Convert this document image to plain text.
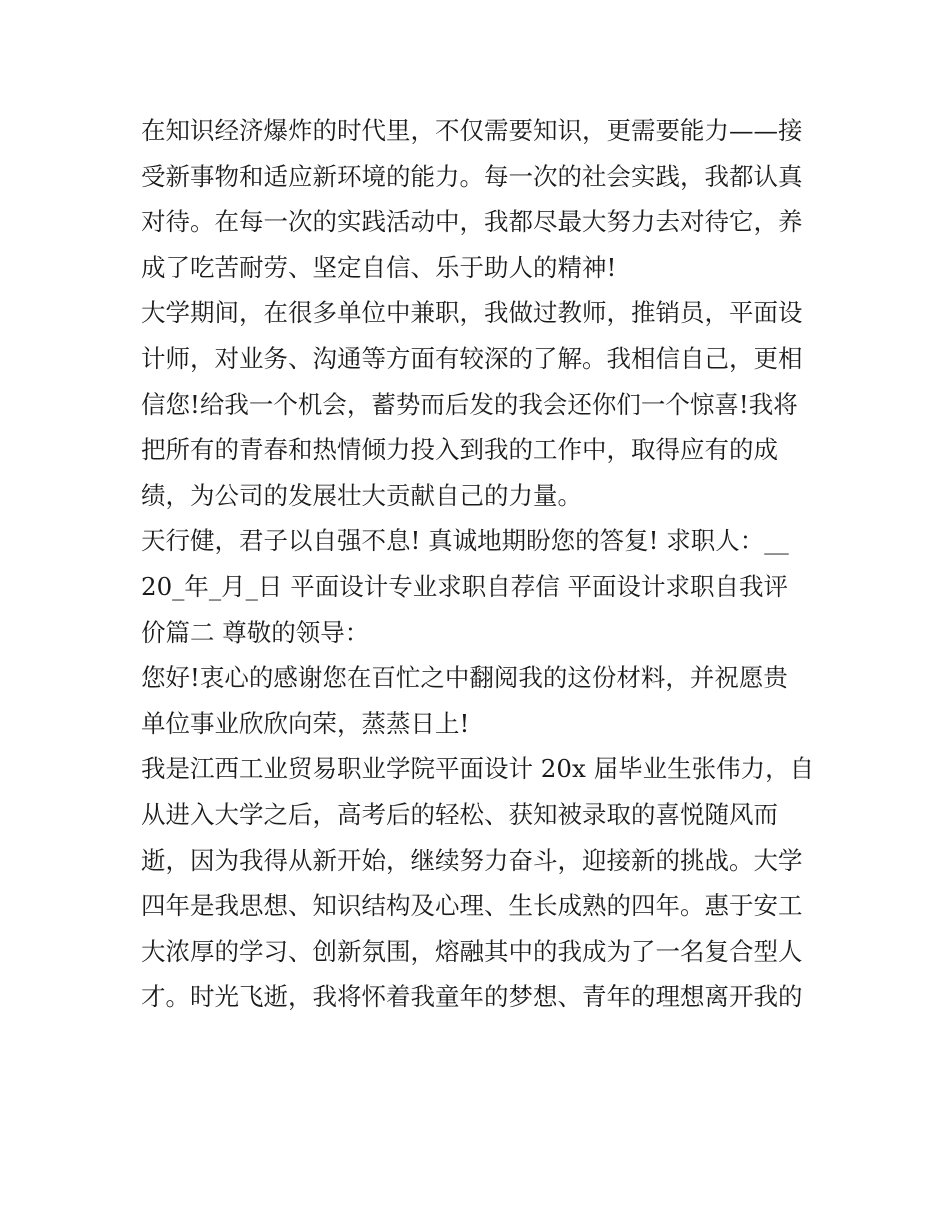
在知识经济爆炸的时代里，不仅需要知识，更需要能力——接
受新事物和适应新环境的能力。每一次的社会实践，我都认真
对待。在每一次的实践活动中，我都尽最大努力去对待它，养
成了吃苦耐劳、坚定自信、乐于助人的精神!
大学期间，在很多单位中兼职，我做过教师，推销员，平面设
计师，对业务、沟通等方面有较深的了解。我相信自己，更相
信您!给我一个机会，蓄势而后发的我会还你们一个惊喜!我将
把所有的青春和热情倾力投入到我的工作中，取得应有的成
绩，为公司的发展壮大贡献自己的力量。
天行健，君子以自强不息! 真诚地期盼您的答复! 求职人：__
20_年_月_日 平面设计专业求职自荐信 平面设计求职自我评
价篇二 尊敬的领导：
您好!衷心的感谢您在百忙之中翻阅我的这份材料，并祝愿贵
单位事业欣欣向荣，蒸蒸日上!
我是江西工业贸易职业学院平面设计 20x 届毕业生张伟力，自
从进入大学之后，高考后的轻松、获知被录取的喜悦随风而
逝，因为我得从新开始，继续努力奋斗，迎接新的挑战。大学
四年是我思想、知识结构及心理、生长成熟的四年。惠于安工
大浓厚的学习、创新氛围，熔融其中的我成为了一名复合型人
才。时光飞逝，我将怀着我童年的梦想、青年的理想离开我的
